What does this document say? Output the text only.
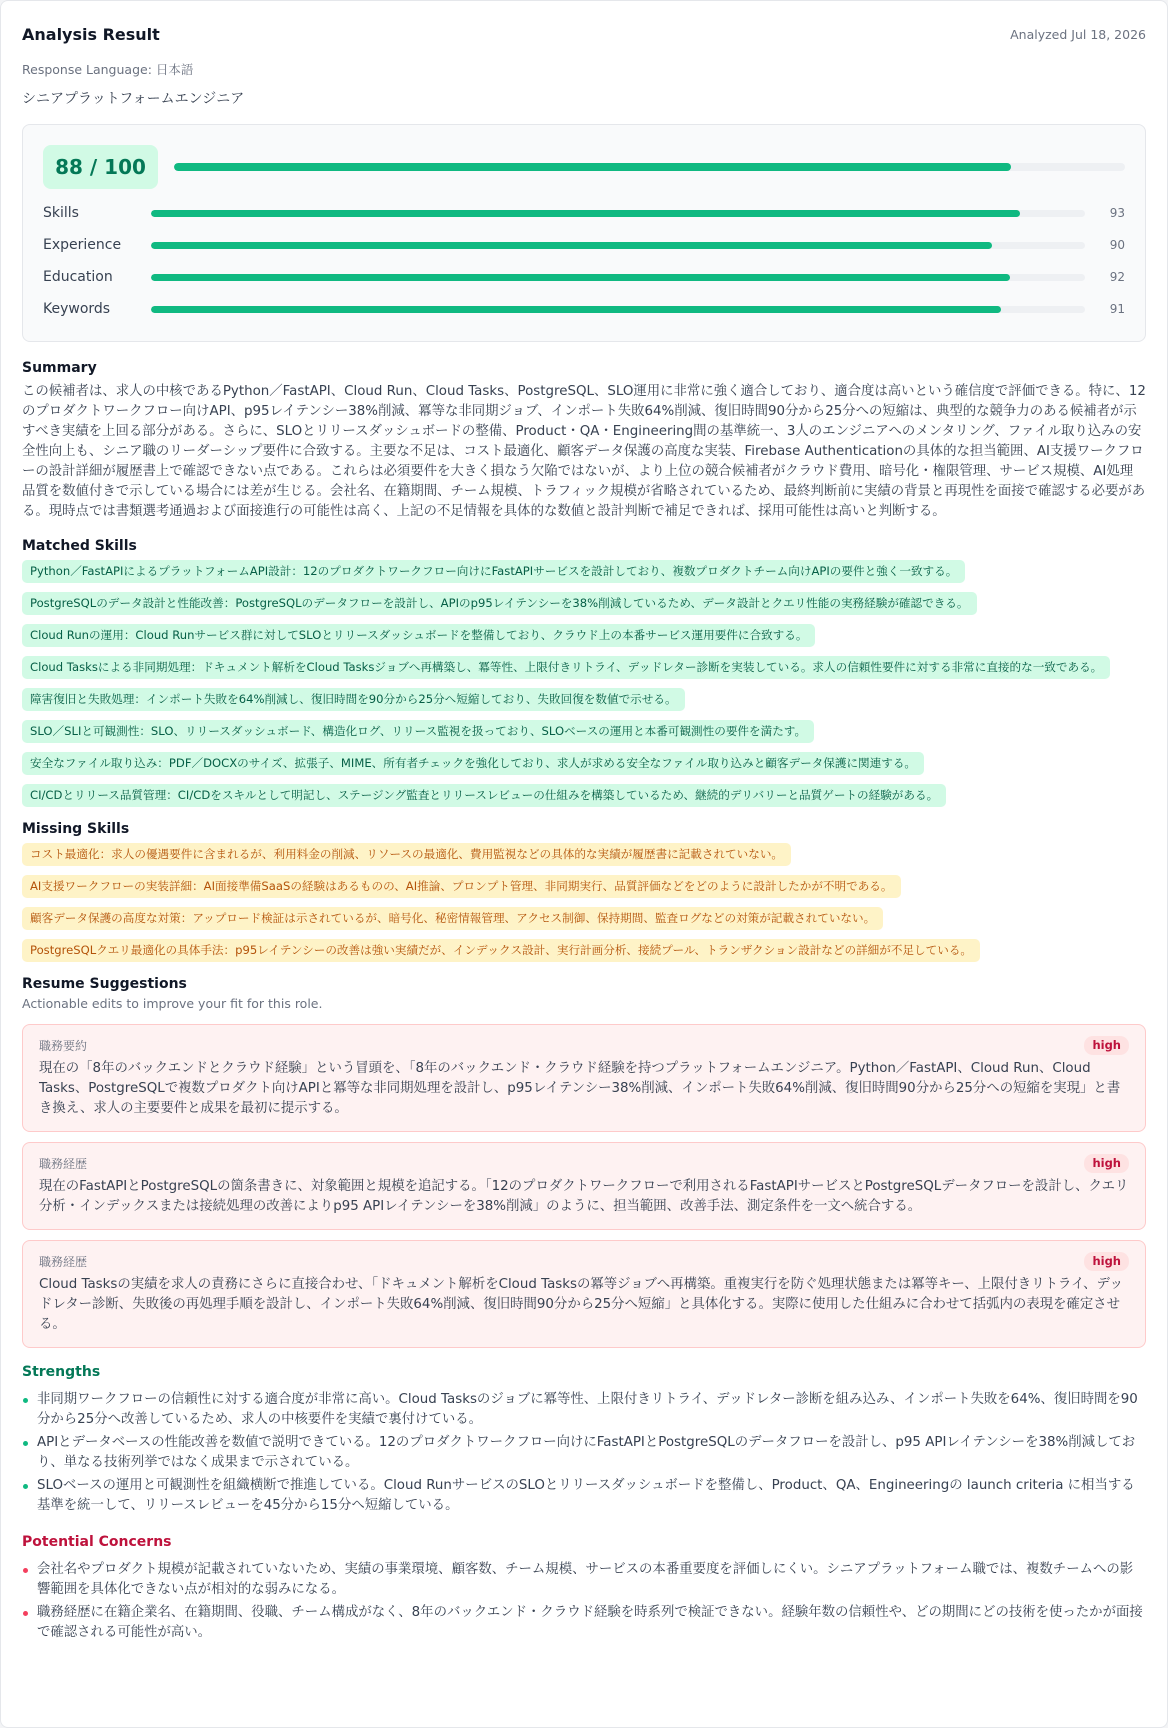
Analysis Result	Analyzed Jul 18, 2026
Response Language: 日本語
シニアプラットフォームエンジニア
88 / 100
Skills	93
Experience	90
Education	92
Keywords	91
Summary
この候補者は、求人の中核であるPython／FastAPI、Cloud Run、Cloud Tasks、PostgreSQL、SLO運用に非常に強く適合しており、適合度は高いという確信度で評価できる。特に、12のプロダクトワークフロー向けAPI、p95レイテンシー38%削減、冪等な非同期ジョブ、インポート失敗64%削減、復旧時間90分から25分への短縮は、典型的な競争力のある候補者が示すべき実績を上回る部分がある。さらに、SLOとリリースダッシュボードの整備、Product・QA・Engineering間の基準統一、3人のエンジニアへのメンタリング、ファイル取り込みの安全性向上も、シニア職のリーダーシップ要件に合致する。主要な不足は、コスト最適化、顧客データ保護の高度な実装、Firebase Authenticationの具体的な担当範囲、AI支援ワークフローの設計詳細が履歴書上で確認できない点である。これらは必須要件を大きく損なう欠陥ではないが、より上位の競合候補者がクラウド費用、暗号化・権限管理、サービス規模、AI処理品質を数値付きで示している場合には差が生じる。会社名、在籍期間、チーム規模、トラフィック規模が省略されているため、最終判断前に実績の背景と再現性を面接で確認する必要がある。現時点では書類選考通過および面接進行の可能性は高く、上記の不足情報を具体的な数値と設計判断で補足できれば、採用可能性は高いと判断する。
Matched Skills
Python／FastAPIによるプラットフォームAPI設計：12のプロダクトワークフロー向けにFastAPIサービスを設計しており、複数プロダクトチーム向けAPIの要件と強く一致する。
PostgreSQLのデータ設計と性能改善：PostgreSQLのデータフローを設計し、APIのp95レイテンシーを38%削減しているため、データ設計とクエリ性能の実務経験が確認できる。
Cloud Runの運用：Cloud Runサービス群に対してSLOとリリースダッシュボードを整備しており、クラウド上の本番サービス運用要件に合致する。
Cloud Tasksによる非同期処理：ドキュメント解析をCloud Tasksジョブへ再構築し、冪等性、上限付きリトライ、デッドレター診断を実装している。求人の信頼性要件に対する非常に直接的な一致である。
障害復旧と失敗処理：インポート失敗を64%削減し、復旧時間を90分から25分へ短縮しており、失敗回復を数値で示せる。
SLO／SLIと可観測性：SLO、リリースダッシュボード、構造化ログ、リリース監視を扱っており、SLOベースの運用と本番可観測性の要件を満たす。
安全なファイル取り込み：PDF／DOCXのサイズ、拡張子、MIME、所有者チェックを強化しており、求人が求める安全なファイル取り込みと顧客データ保護に関連する。
CI/CDとリリース品質管理：CI/CDをスキルとして明記し、ステージング監査とリリースレビューの仕組みを構築しているため、継続的デリバリーと品質ゲートの経験がある。
Missing Skills
コスト最適化：求人の優遇要件に含まれるが、利用料金の削減、リソースの最適化、費用監視などの具体的な実績が履歴書に記載されていない。
AI支援ワークフローの実装詳細：AI面接準備SaaSの経験はあるものの、AI推論、プロンプト管理、非同期実行、品質評価などをどのように設計したかが不明である。
顧客データ保護の高度な対策：アップロード検証は示されているが、暗号化、秘密情報管理、アクセス制御、保持期間、監査ログなどの対策が記載されていない。
PostgreSQLクエリ最適化の具体手法：p95レイテンシーの改善は強い実績だが、インデックス設計、実行計画分析、接続プール、トランザクション設計などの詳細が不足している。
Resume Suggestions
Actionable edits to improve your fit for this role.
職務要約	high
現在の「8年のバックエンドとクラウド経験」という冒頭を、「8年のバックエンド・クラウド経験を持つプラットフォームエンジニア。Python／FastAPI、Cloud Run、Cloud Tasks、PostgreSQLで複数プロダクト向けAPIと冪等な非同期処理を設計し、p95レイテンシー38%削減、インポート失敗64%削減、復旧時間90分から25分への短縮を実現」と書き換え、求人の主要要件と成果を最初に提示する。
職務経歴	high
現在のFastAPIとPostgreSQLの箇条書きに、対象範囲と規模を追記する。「12のプロダクトワークフローで利用されるFastAPIサービスとPostgreSQLデータフローを設計し、クエリ分析・インデックスまたは接続処理の改善によりp95 APIレイテンシーを38%削減」のように、担当範囲、改善手法、測定条件を一文へ統合する。
職務経歴	high
Cloud Tasksの実績を求人の責務にさらに直接合わせ、「ドキュメント解析をCloud Tasksの冪等ジョブへ再構築。重複実行を防ぐ処理状態または冪等キー、上限付きリトライ、デッドレター診断、失敗後の再処理手順を設計し、インポート失敗64%削減、復旧時間90分から25分へ短縮」と具体化する。実際に使用した仕組みに合わせて括弧内の表現を確定させる。
Strengths
非同期ワークフローの信頼性に対する適合度が非常に高い。Cloud Tasksのジョブに冪等性、上限付きリトライ、デッドレター診断を組み込み、インポート失敗を64%、復旧時間を90分から25分へ改善しているため、求人の中核要件を実績で裏付けている。
APIとデータベースの性能改善を数値で説明できている。12のプロダクトワークフロー向けにFastAPIとPostgreSQLのデータフローを設計し、p95 APIレイテンシーを38%削減しており、単なる技術列挙ではなく成果まで示されている。
SLOベースの運用と可観測性を組織横断で推進している。Cloud RunサービスのSLOとリリースダッシュボードを整備し、Product、QA、Engineeringの launch criteria に相当する基準を統一して、リリースレビューを45分から15分へ短縮している。
Potential Concerns
会社名やプロダクト規模が記載されていないため、実績の事業環境、顧客数、チーム規模、サービスの本番重要度を評価しにくい。シニアプラットフォーム職では、複数チームへの影響範囲を具体化できない点が相対的な弱みになる。
職務経歴に在籍企業名、在籍期間、役職、チーム構成がなく、8年のバックエンド・クラウド経験を時系列で検証できない。経験年数の信頼性や、どの期間にどの技術を使ったかが面接で確認される可能性が高い。
